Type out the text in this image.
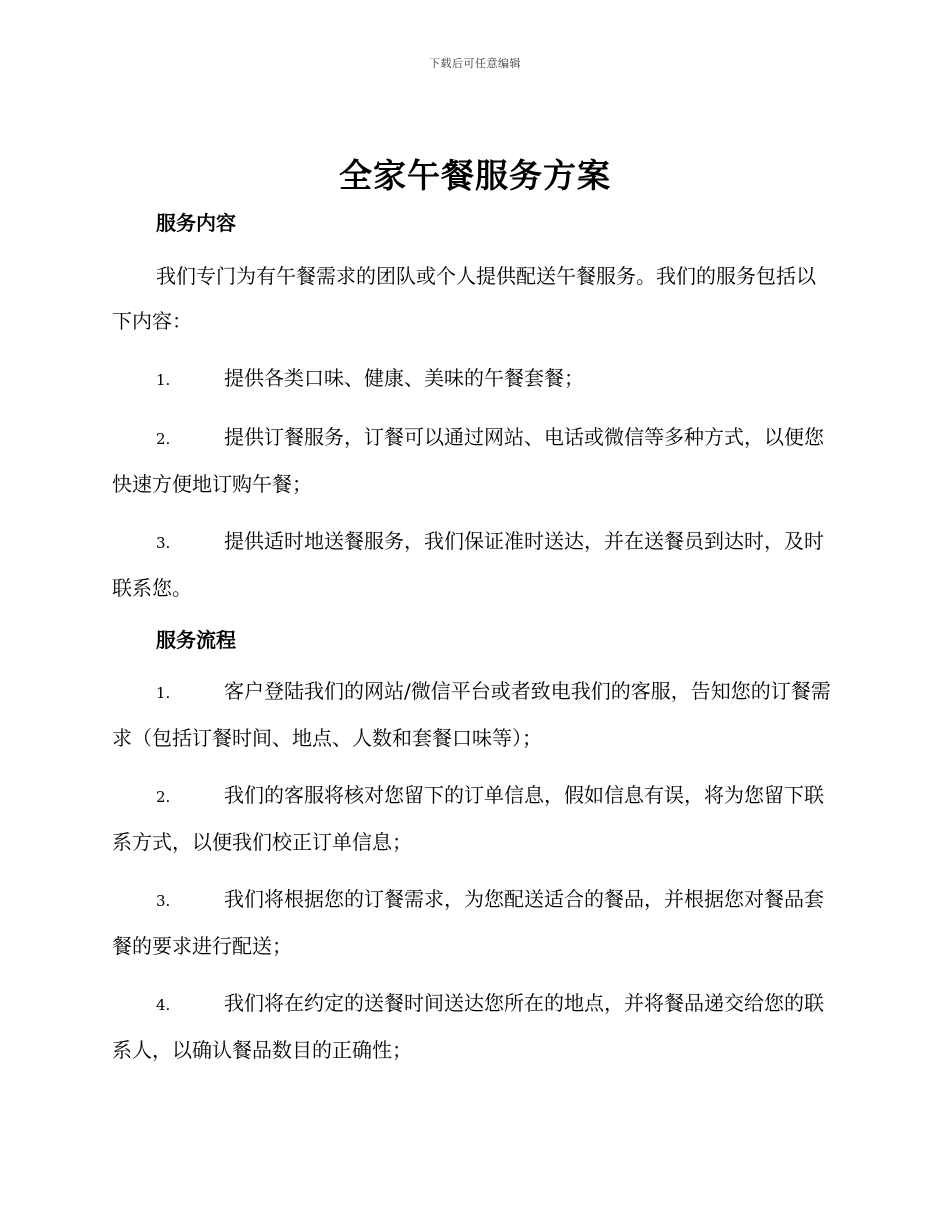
下载后可任意编辑
全家午餐服务方案
服务内容

我们专门为有午餐需求的团队或个人提供配送午餐服务。我们的服务包括以下内容：

1.	提供各类口味、健康、美味的午餐套餐；
2.	提供订餐服务，订餐可以通过网站、电话或微信等多种方式，以便您快速方便地订购午餐；
3.	提供适时地送餐服务，我们保证准时送达，并在送餐员到达时，及时联系您。
服务流程
1.	客户登陆我们的网站/微信平台或者致电我们的客服，告知您的订餐需求（包括订餐时间、地点、人数和套餐口味等）；
2.	我们的客服将核对您留下的订单信息，假如信息有误，将为您留下联系方式，以便我们校正订单信息；
3.	我们将根据您的订餐需求，为您配送适合的餐品，并根据您对餐品套餐的要求进行配送；
4.	我们将在约定的送餐时间送达您所在的地点，并将餐品递交给您的联系人，以确认餐品数目的正确性；
